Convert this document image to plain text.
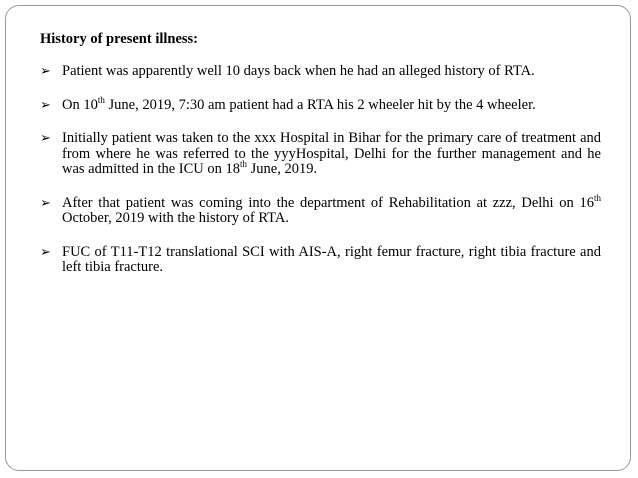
History of present illness:
➢ Patient was apparently well 10 days back when he had an alleged history of RTA.
➢ On 10th June, 2019, 7:30 am patient had a RTA his 2 wheeler hit by the 4 wheeler.
➢ Initially patient was taken to the xxx Hospital in Bihar for the primary care of treatment and from where he was referred to the yyyHospital, Delhi for the further management and he was admitted in the ICU on 18th June, 2019.
➢ After that patient was coming into the department of Rehabilitation at zzz, Delhi on 16th October, 2019 with the history of RTA.
➢ FUC of T11-T12 translational SCI with AIS-A, right femur fracture, right tibia fracture and left tibia fracture.
